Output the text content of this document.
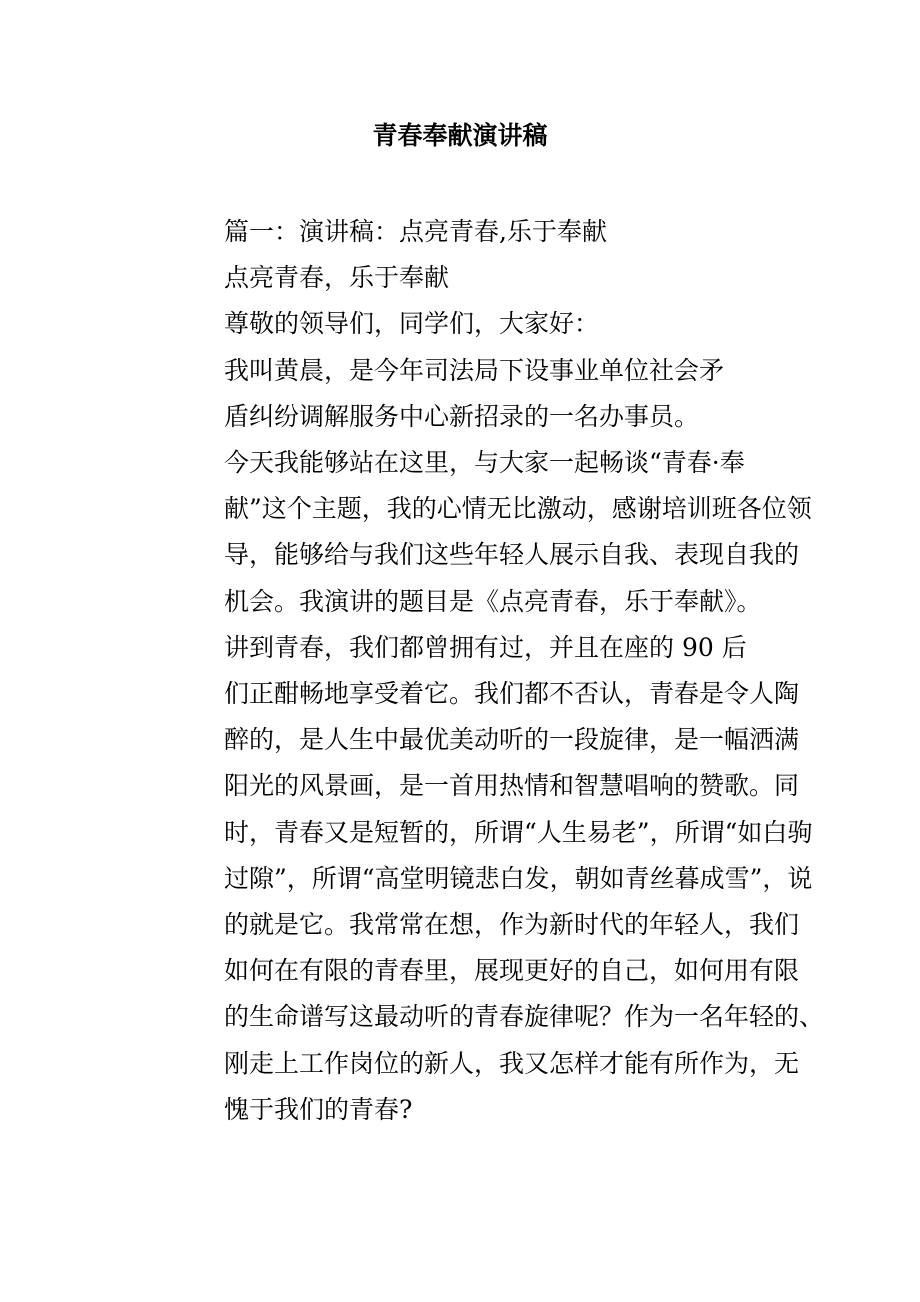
青春奉献演讲稿

篇一：演讲稿：点亮青春,乐于奉献

点亮青春，乐于奉献

尊敬的领导们，同学们，大家好：

我叫黄晨，是今年司法局下设事业单位社会矛
盾纠纷调解服务中心新招录的一名办事员。

今天我能够站在这里，与大家一起畅谈“青春·奉
献”这个主题，我的心情无比激动，感谢培训班各位领
导，能够给与我们这些年轻人展示自我、表现自我的
机会。我演讲的题目是《点亮青春，乐于奉献》。

讲到青春，我们都曾拥有过，并且在座的 90 后
们正酣畅地享受着它。我们都不否认，青春是令人陶
醉的，是人生中最优美动听的一段旋律，是一幅洒满
阳光的风景画，是一首用热情和智慧唱响的赞歌。同
时，青春又是短暂的，所谓“人生易老”，所谓“如白驹
过隙”，所谓“高堂明镜悲白发，朝如青丝暮成雪”，说
的就是它。我常常在想，作为新时代的年轻人，我们
如何在有限的青春里，展现更好的自己，如何用有限
的生命谱写这最动听的青春旋律呢？作为一名年轻的、
刚走上工作岗位的新人，我又怎样才能有所作为，无
愧于我们的青春?
